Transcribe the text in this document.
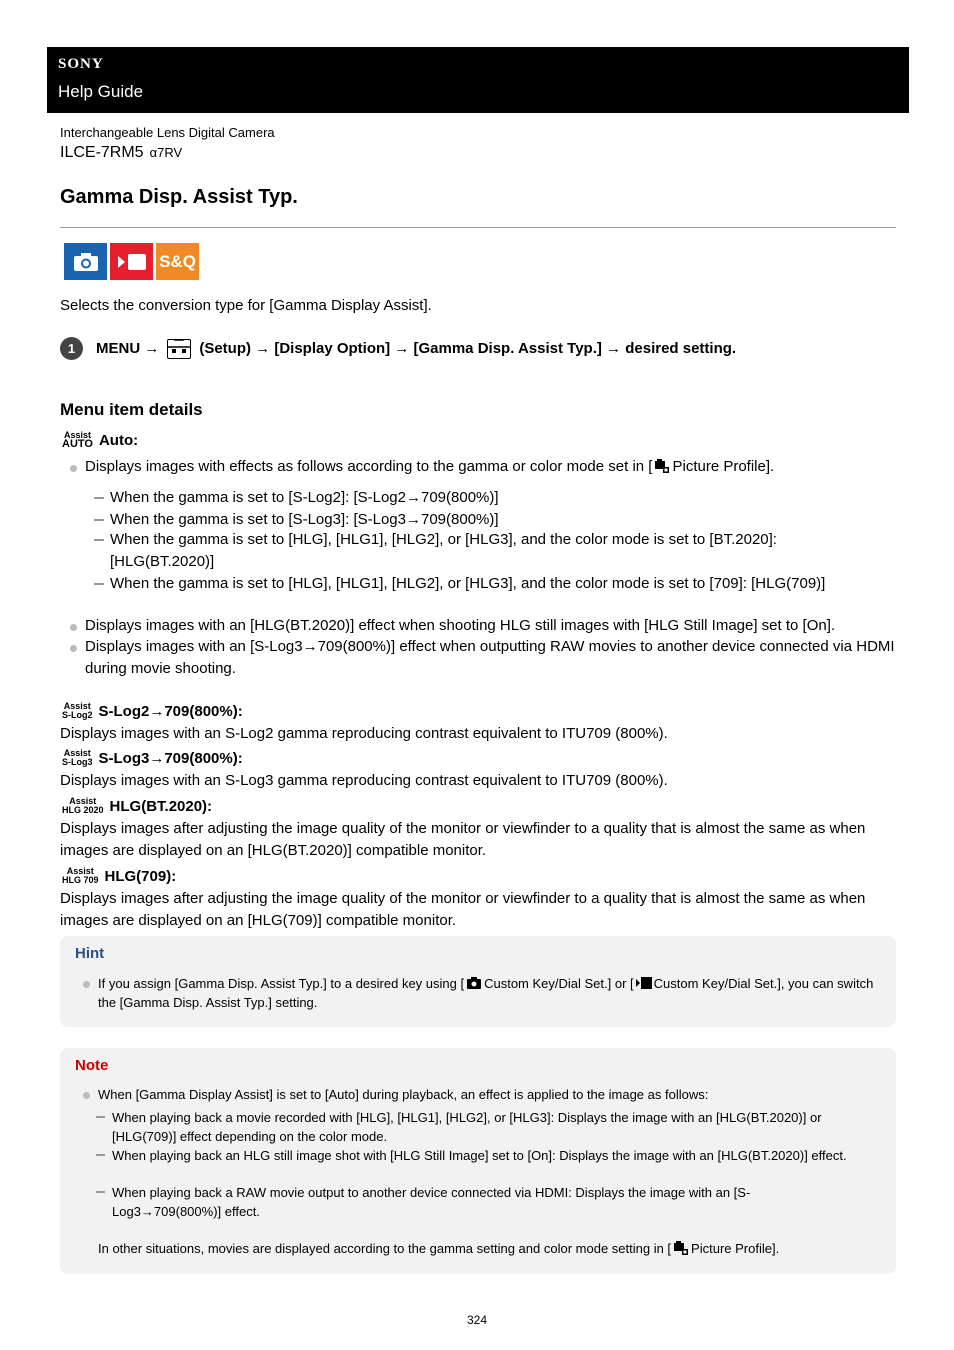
SONY
Help Guide
Interchangeable Lens Digital Camera
ILCE-7RM5 α7RV
Gamma Disp. Assist Typ.
S&Q
Selects the conversion type for [Gamma Display Assist].
1	MENU →	(Setup) → [Display Option] → [Gamma Disp. Assist Typ.] → desired setting.
Menu item details
Assist
AUTO Auto:
Displays images with effects as follows according to the gamma or color mode set in [ Picture Profile].
When the gamma is set to [S-Log2]: [S-Log2→709(800%)]
When the gamma is set to [S-Log3]: [S-Log3→709(800%)]
When the gamma is set to [HLG], [HLG1], [HLG2], or [HLG3], and the color mode is set to [BT.2020]: [HLG(BT.2020)]
When the gamma is set to [HLG], [HLG1], [HLG2], or [HLG3], and the color mode is set to [709]: [HLG(709)]
Displays images with an [HLG(BT.2020)] effect when shooting HLG still images with [HLG Still Image] set to [On].
Displays images with an [S-Log3→709(800%)] effect when outputting RAW movies to another device connected via HDMI during movie shooting.
Assist
S-Log2 S-Log2→709(800%):
Displays images with an S-Log2 gamma reproducing contrast equivalent to ITU709 (800%).
Assist
S-Log3 S-Log3→709(800%):
Displays images with an S-Log3 gamma reproducing contrast equivalent to ITU709 (800%).
Assist
HLG 2020 HLG(BT.2020):
Displays images after adjusting the image quality of the monitor or viewfinder to a quality that is almost the same as when images are displayed on an [HLG(BT.2020)] compatible monitor.
Assist
HLG 709 HLG(709):
Displays images after adjusting the image quality of the monitor or viewfinder to a quality that is almost the same as when images are displayed on an [HLG(709)] compatible monitor.
Hint
If you assign [Gamma Disp. Assist Typ.] to a desired key using [ Custom Key/Dial Set.] or [ Custom Key/Dial Set.], you can switch the [Gamma Disp. Assist Typ.] setting.
Note
When [Gamma Display Assist] is set to [Auto] during playback, an effect is applied to the image as follows:
When playing back a movie recorded with [HLG], [HLG1], [HLG2], or [HLG3]: Displays the image with an [HLG(BT.2020)] or [HLG(709)] effect depending on the color mode.
When playing back an HLG still image shot with [HLG Still Image] set to [On]: Displays the image with an [HLG(BT.2020)] effect.
When playing back a RAW movie output to another device connected via HDMI: Displays the image with an [S-Log3→709(800%)] effect.
In other situations, movies are displayed according to the gamma setting and color mode setting in [ Picture Profile].
324
